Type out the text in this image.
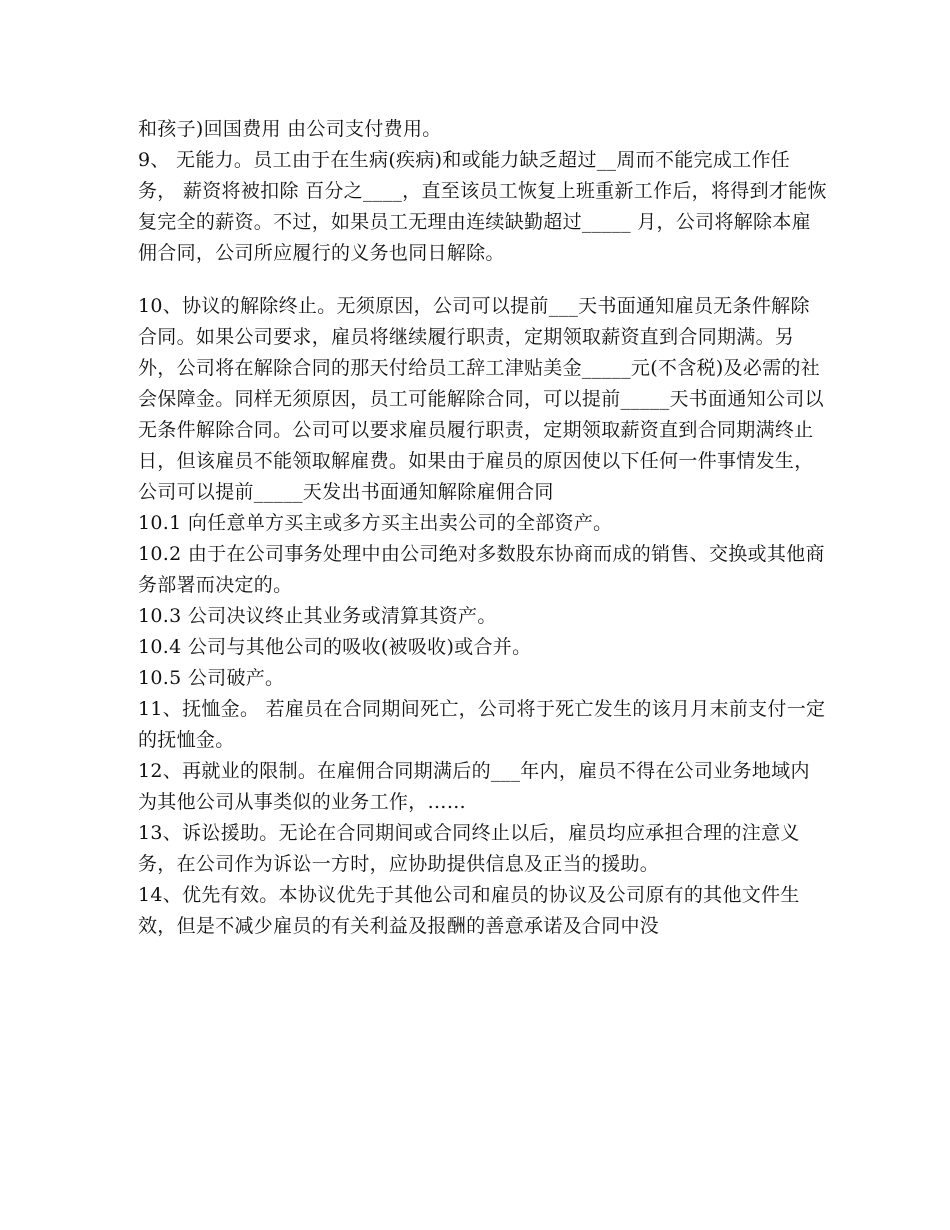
和孩子)回国费用 由公司支付费用。

9、 无能力。员工由于在生病(疾病)和或能力缺乏超过__周而不能完成工作任务， 薪资将被扣除 百分之____，直至该员工恢复上班重新工作后，将得到才能恢复完全的薪资。不过，如果员工无理由连续缺勤超过_____ 月，公司将解除本雇佣合同，公司所应履行的义务也同日解除。

10、协议的解除终止。无须原因，公司可以提前___天书面通知雇员无条件解除合同。如果公司要求，雇员将继续履行职责，定期领取薪资直到合同期满。另外，公司将在解除合同的那天付给员工辞工津贴美金_____元(不含税)及必需的社会保障金。同样无须原因，员工可能解除合同，可以提前_____天书面通知公司以无条件解除合同。公司可以要求雇员履行职责，定期领取薪资直到合同期满终止日，但该雇员不能领取解雇费。如果由于雇员的原因使以下任何一件事情发生，公司可以提前_____天发出书面通知解除雇佣合同

10.1 向任意单方买主或多方买主出卖公司的全部资产。

10.2 由于在公司事务处理中由公司绝对多数股东协商而成的销售、交换或其他商务部署而决定的。

10.3 公司决议终止其业务或清算其资产。

10.4 公司与其他公司的吸收(被吸收)或合并。

10.5 公司破产。

11、抚恤金。 若雇员在合同期间死亡，公司将于死亡发生的该月月末前支付一定的抚恤金。

12、再就业的限制。在雇佣合同期满后的___年内，雇员不得在公司业务地域内为其他公司从事类似的业务工作，……

13、诉讼援助。无论在合同期间或合同终止以后，雇员均应承担合理的注意义务，在公司作为诉讼一方时，应协助提供信息及正当的援助。

14、优先有效。本协议优先于其他公司和雇员的协议及公司原有的其他文件生效，但是不减少雇员的有关利益及报酬的善意承诺及合同中没
